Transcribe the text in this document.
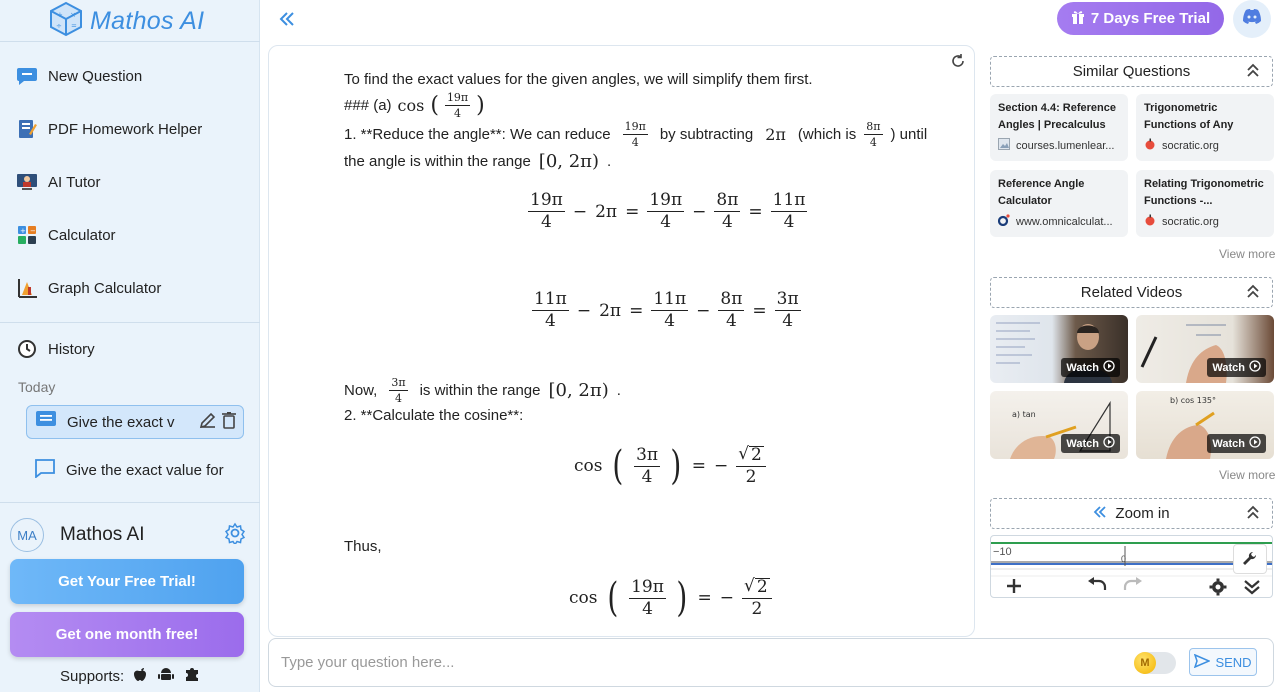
+ ×
÷ = Mathos AI
New Question
PDF Homework Helper
AI Tutor
+ − Calculator
Graph Calculator
History
Today
Give the exact v
Give the exact value for
MA	Mathos AI
Get Your Free Trial!
Get one month free!
Supports:
7 Days Free Trial
To find the exact values for the given angles, we will simplify them first.
### (a) cos ( $\frac{19\pi}{4}$ )
1. **Reduce the angle**: We can reduce $\frac{19\pi}{4}$ by subtracting 2π (which is $\frac{8\pi}{4}$ ) until
the angle is within the range [0, 2π) .
$\frac{19\pi}{4} - 2\pi = \frac{19\pi}{4} - \frac{8\pi}{4} = \frac{11\pi}{4}$
$\frac{11\pi}{4} - 2\pi = \frac{11\pi}{4} - \frac{8\pi}{4} = \frac{3\pi}{4}$
Now, $\frac{3\pi}{4}$ is within the range [0, 2π) .
2. **Calculate the cosine**:
cos ( $\frac{3\pi}{4}$ ) = − $\frac{√ 2}{2}$
Thus,
cos ( $\frac{19\pi}{4}$ ) = − $\frac{√ 2}{2}$
Similar Questions
Section 4.4: Reference Angles | Precalculus
courses.lumenlear...
Trigonometric Functions of Any
socratic.org
Reference Angle Calculator
www.omnicalculat...
Relating Trigonometric Functions -...
socratic.org
View more
Related Videos
Watch	Watch
a) tan
Watch
b) cos 135°
Watch
View more
Zoom in
−10
0
Type your question here...
M	SEND
